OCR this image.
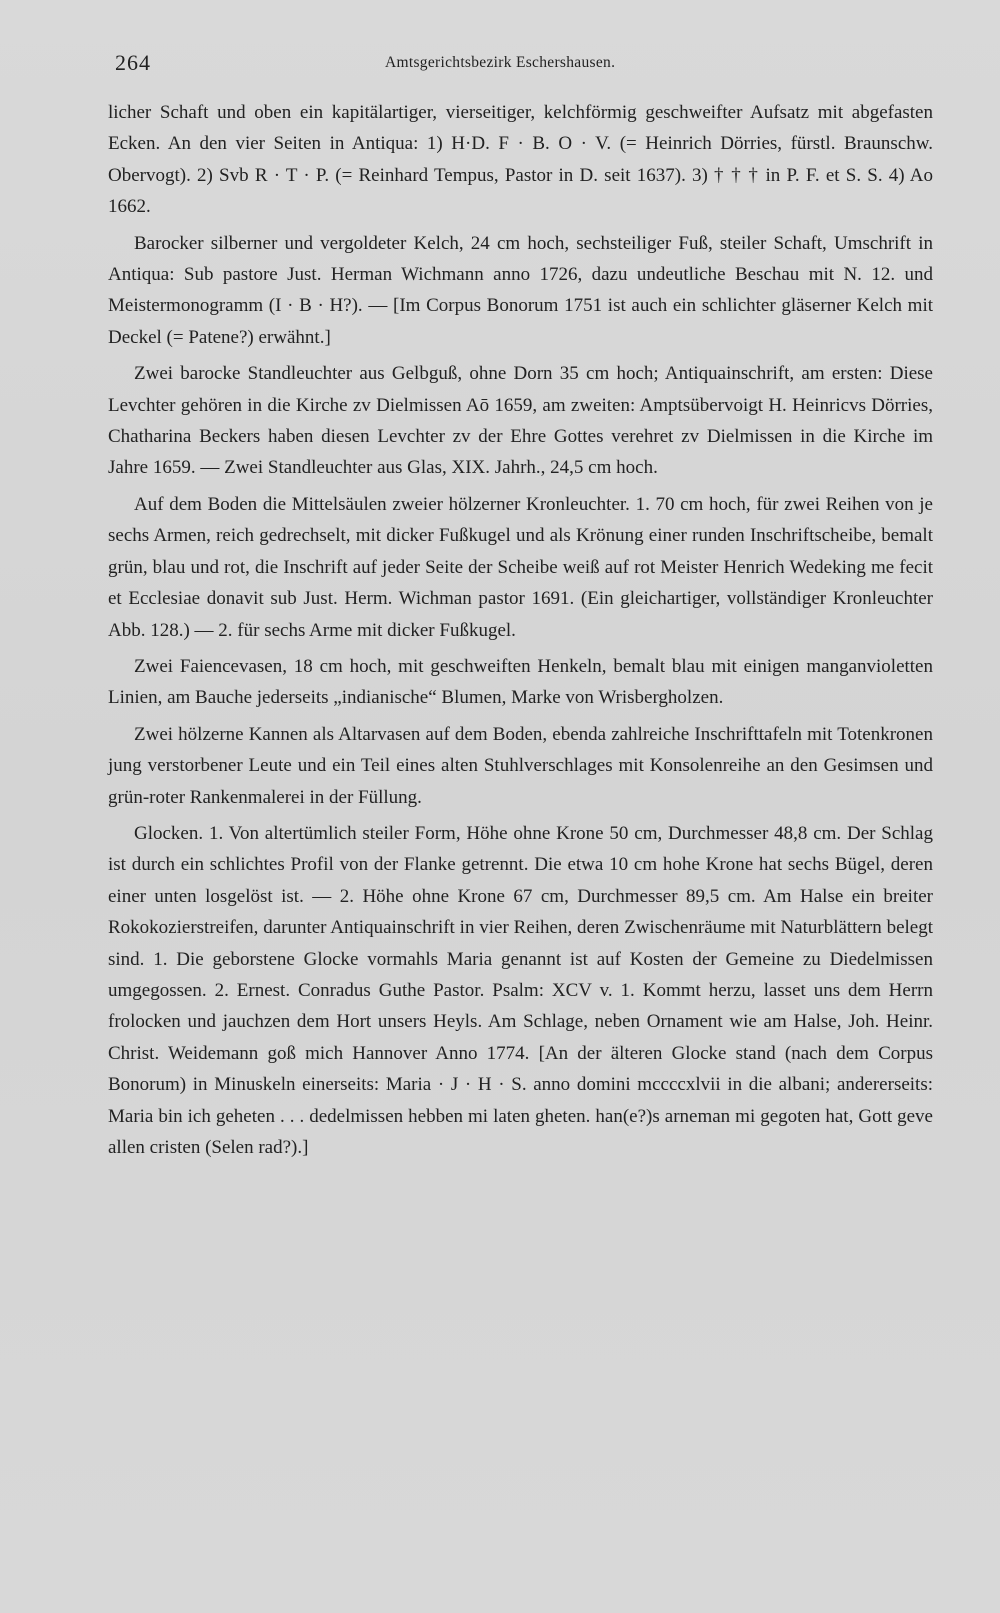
264	Amtsgerichtsbezirk Eschershausen.

licher Schaft und oben ein kapitälartiger, vierseitiger, kelchförmig geschweifter Aufsatz mit abgefasten Ecken. An den vier Seiten in Antiqua: 1) H·D. F · B. O · V. (= Heinrich Dörries, fürstl. Braunschw. Obervogt). 2) Svb R · T · P. (= Reinhard Tempus, Pastor in D. seit 1637). 3) † † † in P. F. et S. S. 4) Ao 1662.

Barocker silberner und vergoldeter Kelch, 24 cm hoch, sechsteiliger Fuß, steiler Schaft, Umschrift in Antiqua: Sub pastore Just. Herman Wichmann anno 1726, dazu undeutliche Beschau mit N. 12. und Meistermonogramm (I · B · H?). — [Im Corpus Bonorum 1751 ist auch ein schlichter gläserner Kelch mit Deckel (= Patene?) erwähnt.]

Zwei barocke Standleuchter aus Gelbguß, ohne Dorn 35 cm hoch; Antiquainschrift, am ersten: Diese Levchter gehören in die Kirche zv Dielmissen Aō 1659, am zweiten: Amptsübervoigt H. Heinricvs Dörries, Chatharina Beckers haben diesen Levchter zv der Ehre Gottes verehret zv Dielmissen in die Kirche im Jahre 1659. — Zwei Standleuchter aus Glas, XIX. Jahrh., 24,5 cm hoch.

Auf dem Boden die Mittelsäulen zweier hölzerner Kronleuchter. 1. 70 cm hoch, für zwei Reihen von je sechs Armen, reich gedrechselt, mit dicker Fußkugel und als Krönung einer runden Inschriftscheibe, bemalt grün, blau und rot, die Inschrift auf jeder Seite der Scheibe weiß auf rot Meister Henrich Wedeking me fecit et Ecclesiae donavit sub Just. Herm. Wichman pastor 1691. (Ein gleichartiger, vollständiger Kronleuchter Abb. 128.) — 2. für sechs Arme mit dicker Fußkugel.

Zwei Faiencevasen, 18 cm hoch, mit geschweiften Henkeln, bemalt blau mit einigen manganvioletten Linien, am Bauche jederseits „indianische“ Blumen, Marke von Wrisbergholzen.

Zwei hölzerne Kannen als Altarvasen auf dem Boden, ebenda zahlreiche Inschrifttafeln mit Totenkronen jung verstorbener Leute und ein Teil eines alten Stuhlverschlages mit Konsolenreihe an den Gesimsen und grün-roter Rankenmalerei in der Füllung.

Glocken. 1. Von altertümlich steiler Form, Höhe ohne Krone 50 cm, Durchmesser 48,8 cm. Der Schlag ist durch ein schlichtes Profil von der Flanke getrennt. Die etwa 10 cm hohe Krone hat sechs Bügel, deren einer unten losgelöst ist. — 2. Höhe ohne Krone 67 cm, Durchmesser 89,5 cm. Am Halse ein breiter Rokokozierstreifen, darunter Antiquainschrift in vier Reihen, deren Zwischenräume mit Naturblättern belegt sind. 1. Die geborstene Glocke vormahls Maria genannt ist auf Kosten der Gemeine zu Diedelmissen umgegossen. 2. Ernest. Conradus Guthe Pastor. Psalm: XCV v. 1. Kommt herzu, lasset uns dem Herrn frolocken und jauchzen dem Hort unsers Heyls. Am Schlage, neben Ornament wie am Halse, Joh. Heinr. Christ. Weidemann goß mich Hannover Anno 1774. [An der älteren Glocke stand (nach dem Corpus Bonorum) in Minuskeln einerseits: Maria · J · H · S. anno domini mccccxlvii in die albani; andererseits: Maria bin ich geheten . . . dedelmissen hebben mi laten gheten. han(e?)s arneman mi gegoten hat, Gott geve allen cristen (Selen rad?).]
